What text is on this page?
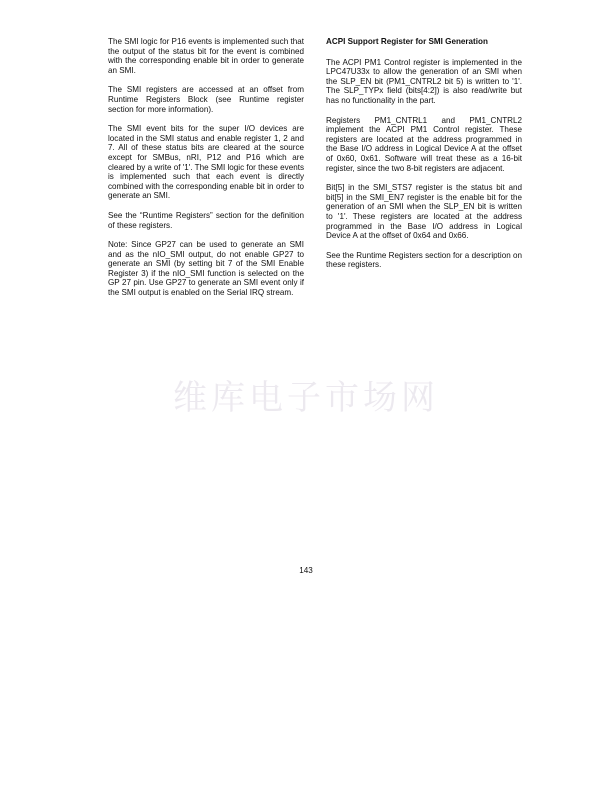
The SMI logic for P16 events is implemented such that the output of the status bit for the event is combined with the corresponding enable bit in order to generate an SMI.

The SMI registers are accessed at an offset from Runtime Registers Block (see Runtime register section for more information).

The SMI event bits for the super I/O devices are located in the SMI status and enable register 1, 2 and 7. All of these status bits are cleared at the source except for SMBus, nRI, P12 and P16 which are cleared by a write of '1'. The SMI logic for these events is implemented such that each event is directly combined with the corresponding enable bit in order to generate an SMI.

See the “Runtime Registers” section for the definition of these registers.

Note: Since GP27 can be used to generate an SMI and as the nIO_SMI output, do not enable GP27 to generate an SMI (by setting bit 7 of the SMI Enable Register 3) if the nIO_SMI function is selected on the GP 27 pin. Use GP27 to generate an SMI event only if the SMI output is enabled on the Serial IRQ stream.

ACPI Support Register for SMI Generation

The ACPI PM1 Control register is implemented in the LPC47U33x to allow the generation of an SMI when the SLP_EN bit (PM1_CNTRL2 bit 5) is written to '1'. The SLP_TYPx field (bits[4:2]) is also read/write but has no functionality in the part.

Registers PM1_CNTRL1 and PM1_CNTRL2 implement the ACPI PM1 Control register. These registers are located at the address programmed in the Base I/O address in Logical Device A at the offset of 0x60, 0x61. Software will treat these as a 16-bit register, since the two 8-bit registers are adjacent.

Bit[5] in the SMI_STS7 register is the status bit and bit[5] in the SMI_EN7 register is the enable bit for the generation of an SMI when the SLP_EN bit is written to '1'. These registers are located at the address programmed in the Base I/O address in Logical Device A at the offset of 0x64 and 0x66.

See the Runtime Registers section for a description on these registers.

维库电子市场网
143
